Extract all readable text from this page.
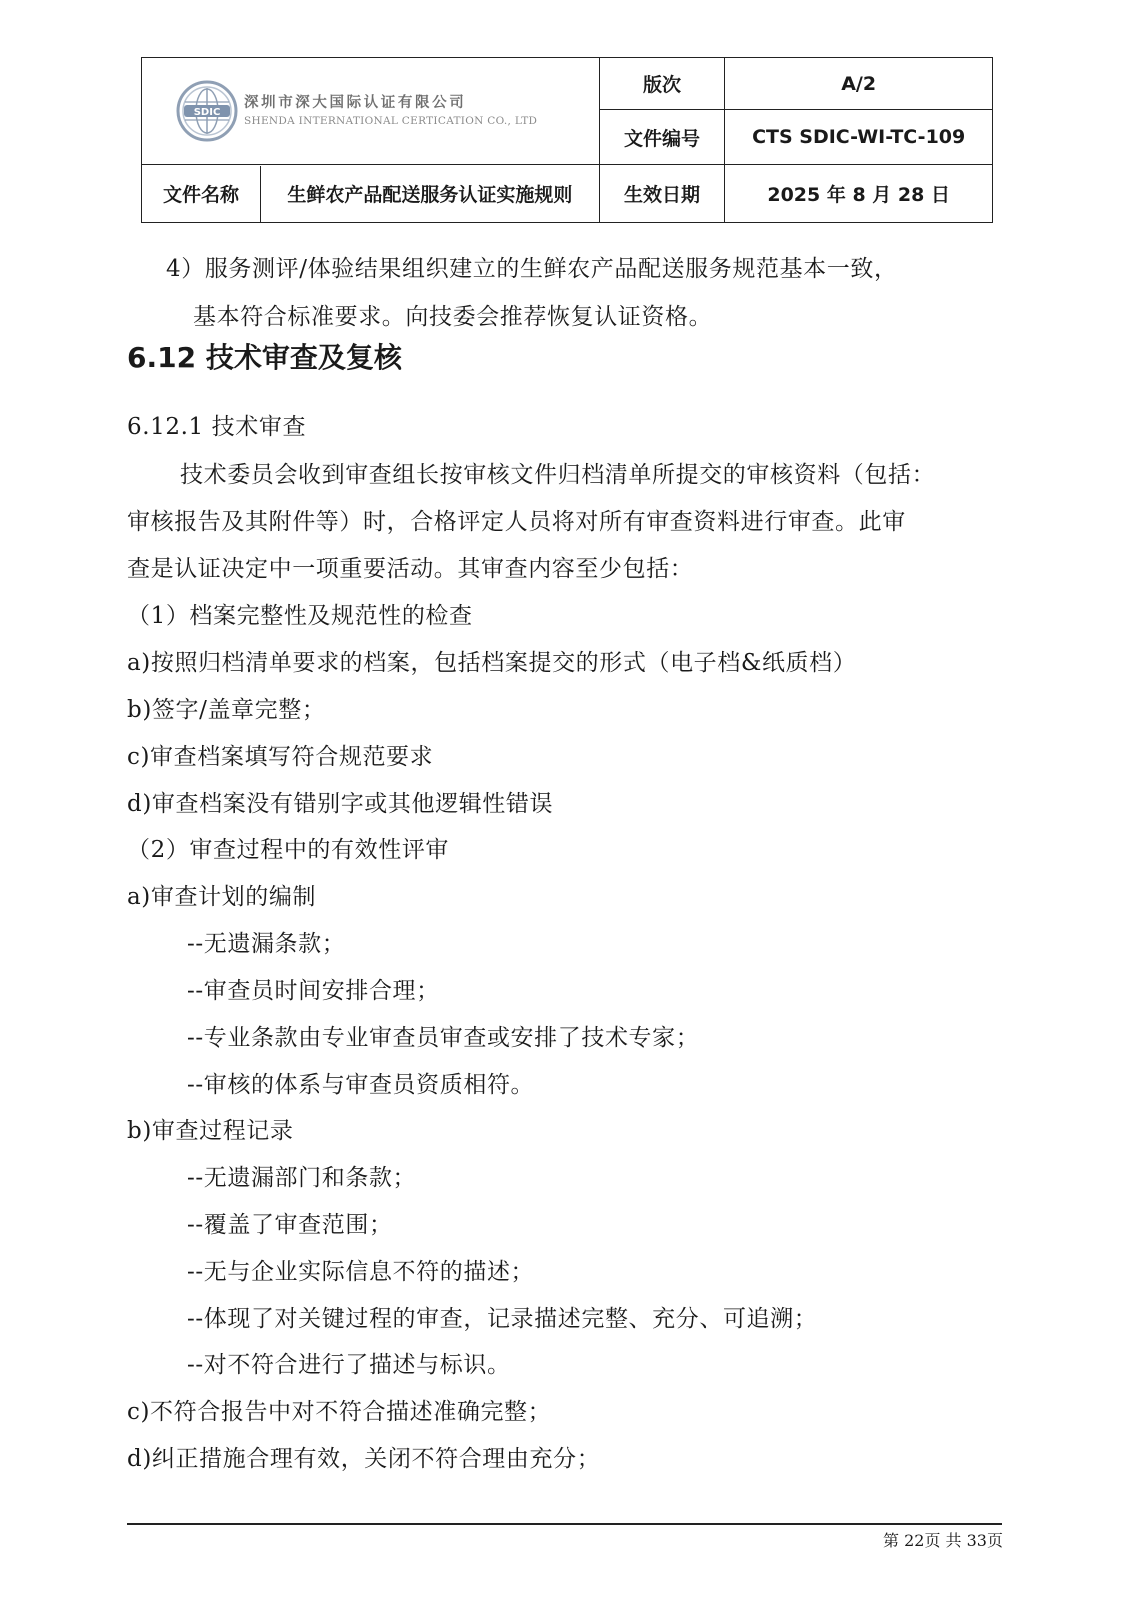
SDIC
深圳市深大国际认证有限公司
SHENDA INTERNATIONAL CERTICATION CO., LTD	版次	A/2
	文件编号	CTS SDIC-WI-TC-109

文件名称 生鲜农产品配送服务认证实施规则	生效日期	2025 年 8 月 28 日
4）服务测评/体验结果组织建立的生鲜农产品配送服务规范基本一致，
基本符合标准要求。向技委会推荐恢复认证资格。
6.12 技术审查及复核
6.12.1 技术审查
技术委员会收到审查组长按审核文件归档清单所提交的审核资料（包括：
审核报告及其附件等）时，合格评定人员将对所有审查资料进行审查。此审
查是认证决定中一项重要活动。其审查内容至少包括：
（1）档案完整性及规范性的检查
a)按照归档清单要求的档案，包括档案提交的形式（电子档&纸质档）
b)签字/盖章完整；
c)审查档案填写符合规范要求
d)审查档案没有错别字或其他逻辑性错误
（2）审查过程中的有效性评审
a)审查计划的编制
--无遗漏条款；
--审查员时间安排合理；
--专业条款由专业审查员审查或安排了技术专家；
--审核的体系与审查员资质相符。
b)审查过程记录
--无遗漏部门和条款；
--覆盖了审查范围；
--无与企业实际信息不符的描述；
--体现了对关键过程的审查，记录描述完整、充分、可追溯；
--对不符合进行了描述与标识。
c)不符合报告中对不符合描述准确完整；
d)纠正措施合理有效，关闭不符合理由充分；
第 22页 共 33页
